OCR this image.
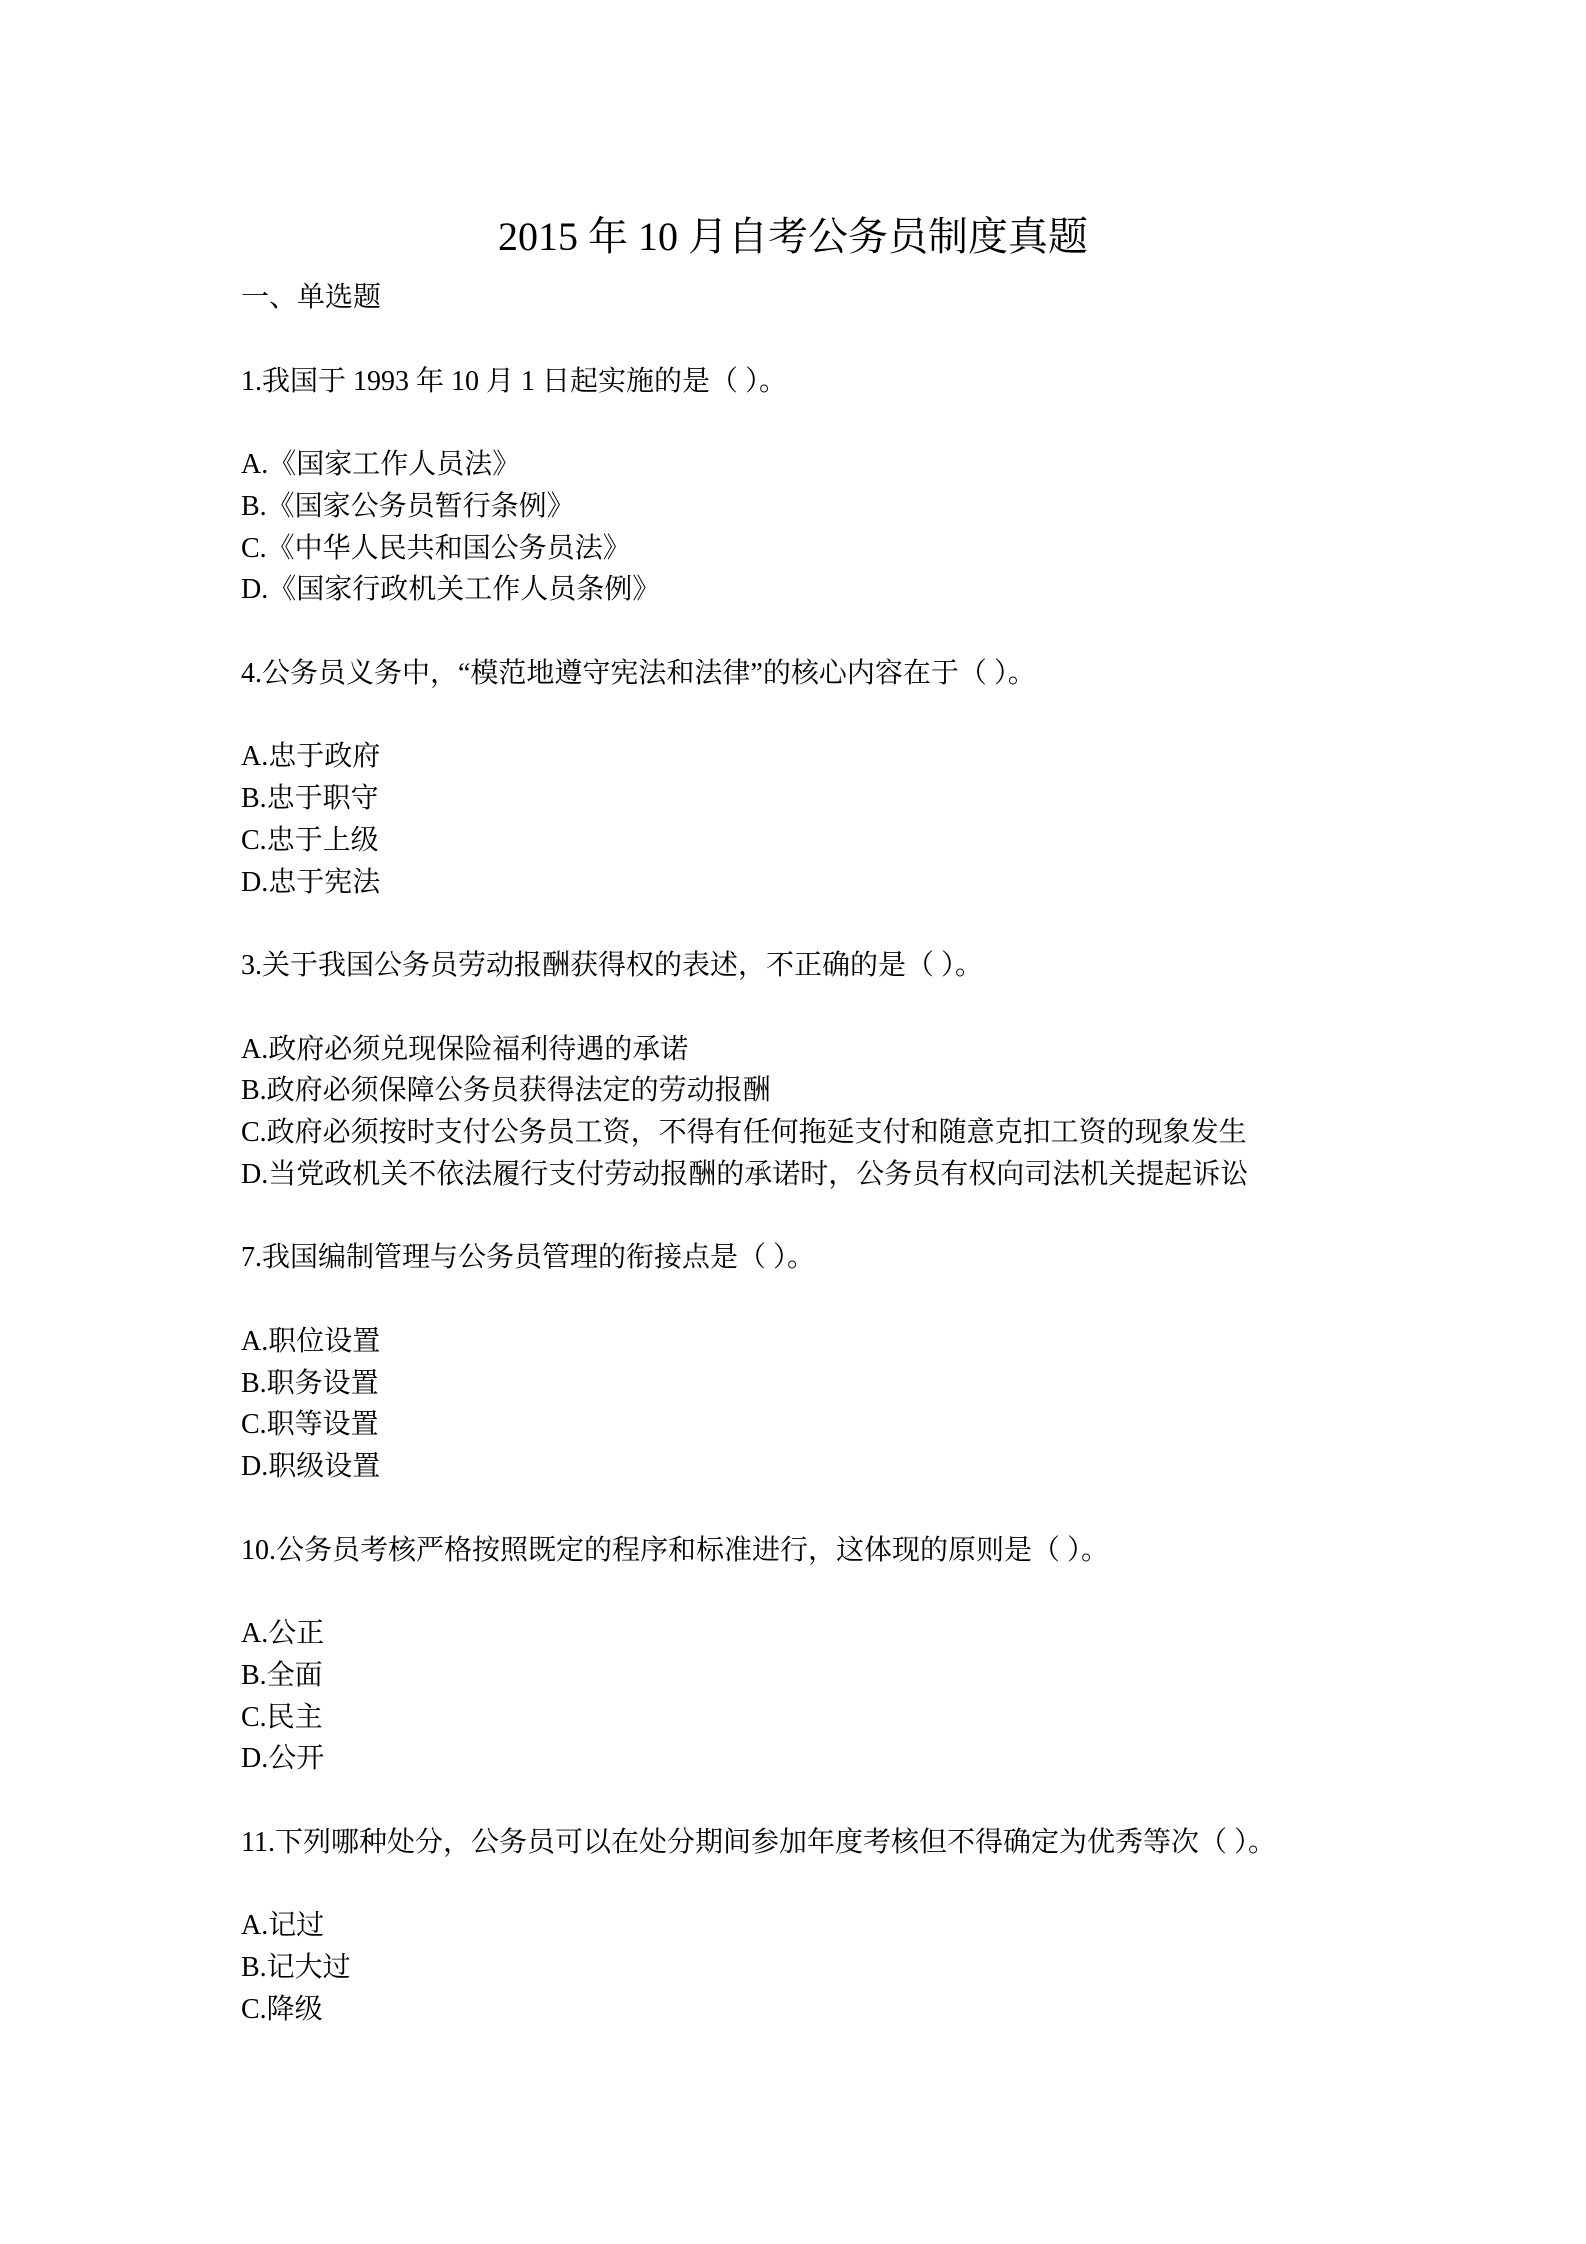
2015 年 10 月自考公务员制度真题
一、单选题
1.我国于 1993 年 10 月 1 日起实施的是（ ）。
A.《国家工作人员法》
B.《国家公务员暂行条例》
C.《中华人民共和国公务员法》
D.《国家行政机关工作人员条例》
4.公务员义务中，“模范地遵守宪法和法律”的核心内容在于（ ）。
A.忠于政府
B.忠于职守
C.忠于上级
D.忠于宪法
3.关于我国公务员劳动报酬获得权的表述，不正确的是（ ）。
A.政府必须兑现保险福利待遇的承诺
B.政府必须保障公务员获得法定的劳动报酬
C.政府必须按时支付公务员工资，不得有任何拖延支付和随意克扣工资的现象发生
D.当党政机关不依法履行支付劳动报酬的承诺时，公务员有权向司法机关提起诉讼
7.我国编制管理与公务员管理的衔接点是（ ）。
A.职位设置
B.职务设置
C.职等设置
D.职级设置
10.公务员考核严格按照既定的程序和标准进行，这体现的原则是（ ）。
A.公正
B.全面
C.民主
D.公开
11.下列哪种处分，公务员可以在处分期间参加年度考核但不得确定为优秀等次（ ）。
A.记过
B.记大过
C.降级
